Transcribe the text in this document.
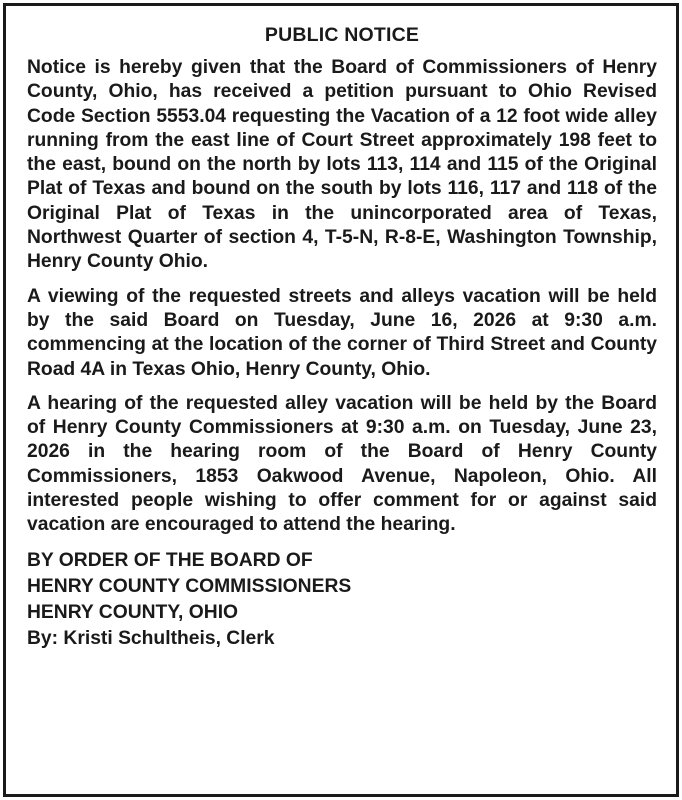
PUBLIC NOTICE

Notice is hereby given that the Board of Commissioners of Henry County, Ohio, has received a petition pursuant to Ohio Revised Code Section 5553.04 requesting the Vacation of a 12 foot wide alley running from the east line of Court Street approximately 198 feet to the east, bound on the north by lots 113, 114 and 115 of the Original Plat of Texas and bound on the south by lots 116, 117 and 118 of the Original Plat of Texas in the unincorporated area of Texas, Northwest Quarter of section 4, T-5-N, R-8-E, Washington Township, Henry County Ohio.

A viewing of the requested streets and alleys vacation will be held by the said Board on Tuesday, June 16, 2026 at 9:30 a.m. commencing at the location of the corner of Third Street and County Road 4A in Texas Ohio, Henry County, Ohio.

A hearing of the requested alley vacation will be held by the Board of Henry County Commissioners at 9:30 a.m. on Tuesday, June 23, 2026 in the hearing room of the Board of Henry County Commissioners, 1853 Oakwood Avenue, Napoleon, Ohio. All interested people wishing to offer comment for or against said vacation are encouraged to attend the hearing.

BY ORDER OF THE BOARD OF
HENRY COUNTY COMMISSIONERS
HENRY COUNTY, OHIO
By: Kristi Schultheis, Clerk
